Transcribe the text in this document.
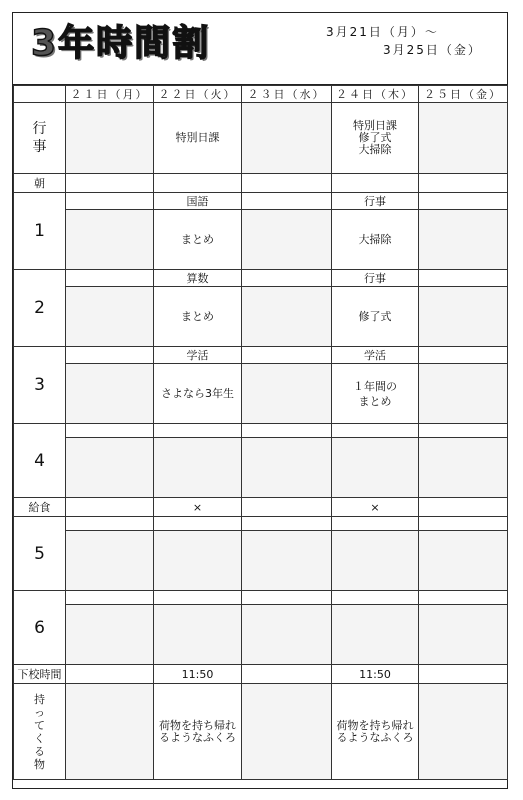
3年時間割	3月21日（月）～
3月25日（金）
	２１日（月）	２２日（火）	２３日（水）	２４日（木）	２５日（金）
行事		特別日課		特別日課
修了式
大掃除	
朝					
1		国語		行事	
		まとめ		大掃除	
2		算数		行事	
		まとめ		修了式	
3		学活		学活	
		さよなら3年生		１年間の
まとめ	
4					

給食		×		×	
5					

6					

下校時間		11:50		11:50	
持ってくる物		荷物を持ち帰れるようなふくろ		荷物を持ち帰れるようなふくろ	
